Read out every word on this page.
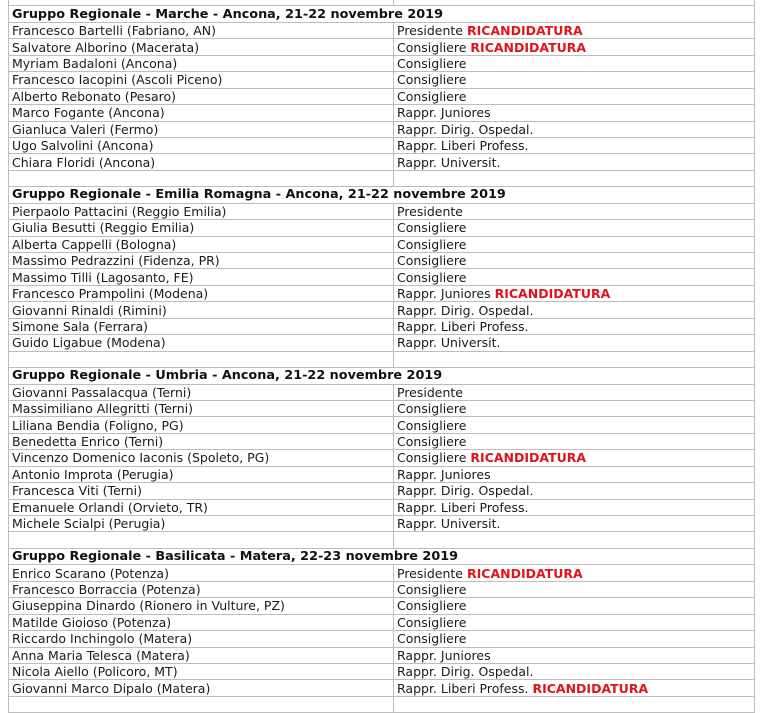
Gruppo Regionale - Marche - Ancona, 21-22 novembre 2019	
Francesco Bartelli (Fabriano, AN)	Presidente RICANDIDATURA
Salvatore Alborino (Macerata)	Consigliere RICANDIDATURA
Myriam Badaloni (Ancona)	Consigliere
Francesco Iacopini (Ascoli Piceno)	Consigliere
Alberto Rebonato (Pesaro)	Consigliere
Marco Fogante (Ancona)	Rappr. Juniores
Gianluca Valeri (Fermo)	Rappr. Dirig. Ospedal.
Ugo Salvolini (Ancona)	Rappr. Liberi Profess.
Chiara Floridi (Ancona)	Rappr. Universit.

Gruppo Regionale - Emilia Romagna - Ancona, 21-22 novembre 2019	
Pierpaolo Pattacini (Reggio Emilia)	Presidente
Giulia Besutti (Reggio Emilia)	Consigliere
Alberta Cappelli (Bologna)	Consigliere
Massimo Pedrazzini (Fidenza, PR)	Consigliere
Massimo Tilli (Lagosanto, FE)	Consigliere
Francesco Prampolini (Modena)	Rappr. Juniores RICANDIDATURA
Giovanni Rinaldi (Rimini)	Rappr. Dirig. Ospedal.
Simone Sala (Ferrara)	Rappr. Liberi Profess.
Guido Ligabue (Modena)	Rappr. Universit.

Gruppo Regionale - Umbria - Ancona, 21-22 novembre 2019	
Giovanni Passalacqua (Terni)	Presidente
Massimiliano Allegritti (Terni)	Consigliere
Liliana Bendia (Foligno, PG)	Consigliere
Benedetta Enrico (Terni)	Consigliere
Vincenzo Domenico Iaconis (Spoleto, PG)	Consigliere RICANDIDATURA
Antonio Improta (Perugia)	Rappr. Juniores
Francesca Viti (Terni)	Rappr. Dirig. Ospedal.
Emanuele Orlandi (Orvieto, TR)	Rappr. Liberi Profess.
Michele Scialpi (Perugia)	Rappr. Universit.

Gruppo Regionale - Basilicata - Matera, 22-23 novembre 2019	
Enrico Scarano (Potenza)	Presidente RICANDIDATURA
Francesco Borraccia (Potenza)	Consigliere
Giuseppina Dinardo (Rionero in Vulture, PZ)	Consigliere
Matilde Gioioso (Potenza)	Consigliere
Riccardo Inchingolo (Matera)	Consigliere
Anna Maria Telesca (Matera)	Rappr. Juniores
Nicola Aiello (Policoro, MT)	Rappr. Dirig. Ospedal.
Giovanni Marco Dipalo (Matera)	Rappr. Liberi Profess. RICANDIDATURA
